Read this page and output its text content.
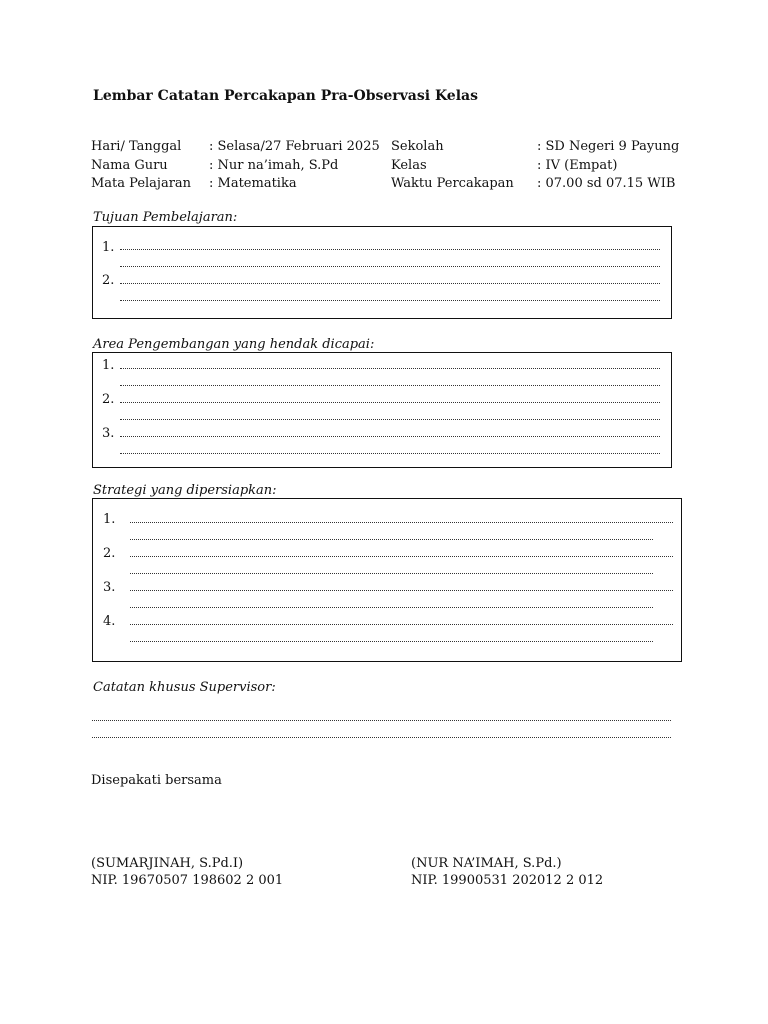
Lembar Catatan Percakapan Pra-Observasi Kelas
Hari/ Tanggal : Selasa/27 Februari 2025
Nama Guru	: Nur na’imah, S.Pd
Mata Pelajaran : Matematika
Sekolah	: SD Negeri 9 Payung
Kelas	: IV (Empat)
Waktu Percakapan : 07.00 sd 07.15 WIB
Tujuan Pembelajaran:
1.
2.
Area Pengembangan yang hendak dicapai:
1.
2.
3.
Strategi yang dipersiapkan:
1.
2.
3.
4.
Catatan khusus Supervisor:
Disepakati bersama
(SUMARJINAH, S.Pd.I)
NIP. 19670507 198602 2 001
(NUR NA’IMAH, S.Pd.)
NIP. 19900531 202012 2 012
